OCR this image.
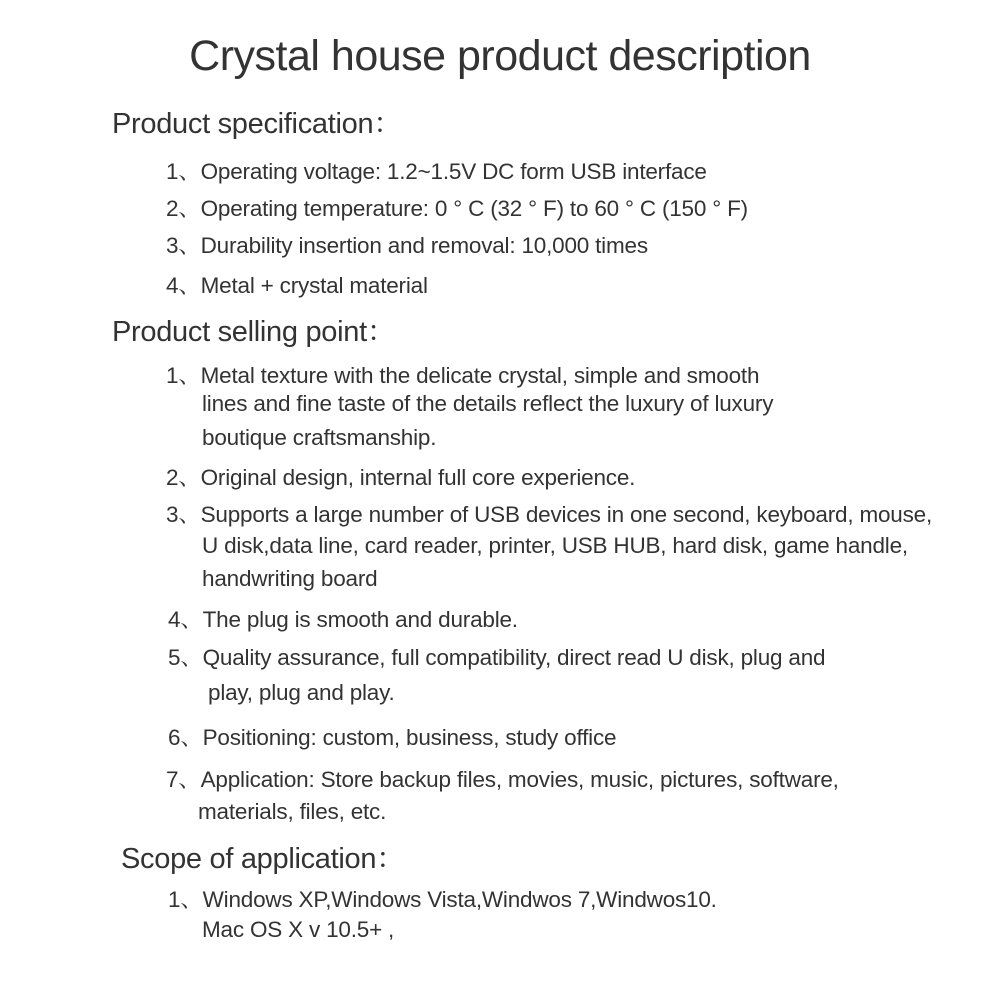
Crystal house product description
Product specification：
1、Operating voltage: 1.2~1.5V DC form USB interface
2、Operating temperature: 0 ° C (32 ° F) to 60 ° C (150 ° F)
3、Durability insertion and removal: 10,000 times
4、Metal + crystal material
Product selling point：
1、Metal texture with the delicate crystal, simple and smooth
lines and fine taste of the details reflect the luxury of luxury
boutique craftsmanship.
2、Original design, internal full core experience.
3、Supports a large number of USB devices in one second, keyboard, mouse,
U disk,data line, card reader, printer, USB HUB, hard disk, game handle,
handwriting board
4、The plug is smooth and durable.
5、Quality assurance, full compatibility, direct read U disk, plug and
play, plug and play.
6、Positioning: custom, business, study office
7、Application: Store backup files, movies, music, pictures, software,
materials, files, etc.
Scope of application：
1、Windows XP,Windows Vista,Windwos 7,Windwos10.
Mac OS X v 10.5+ ,
